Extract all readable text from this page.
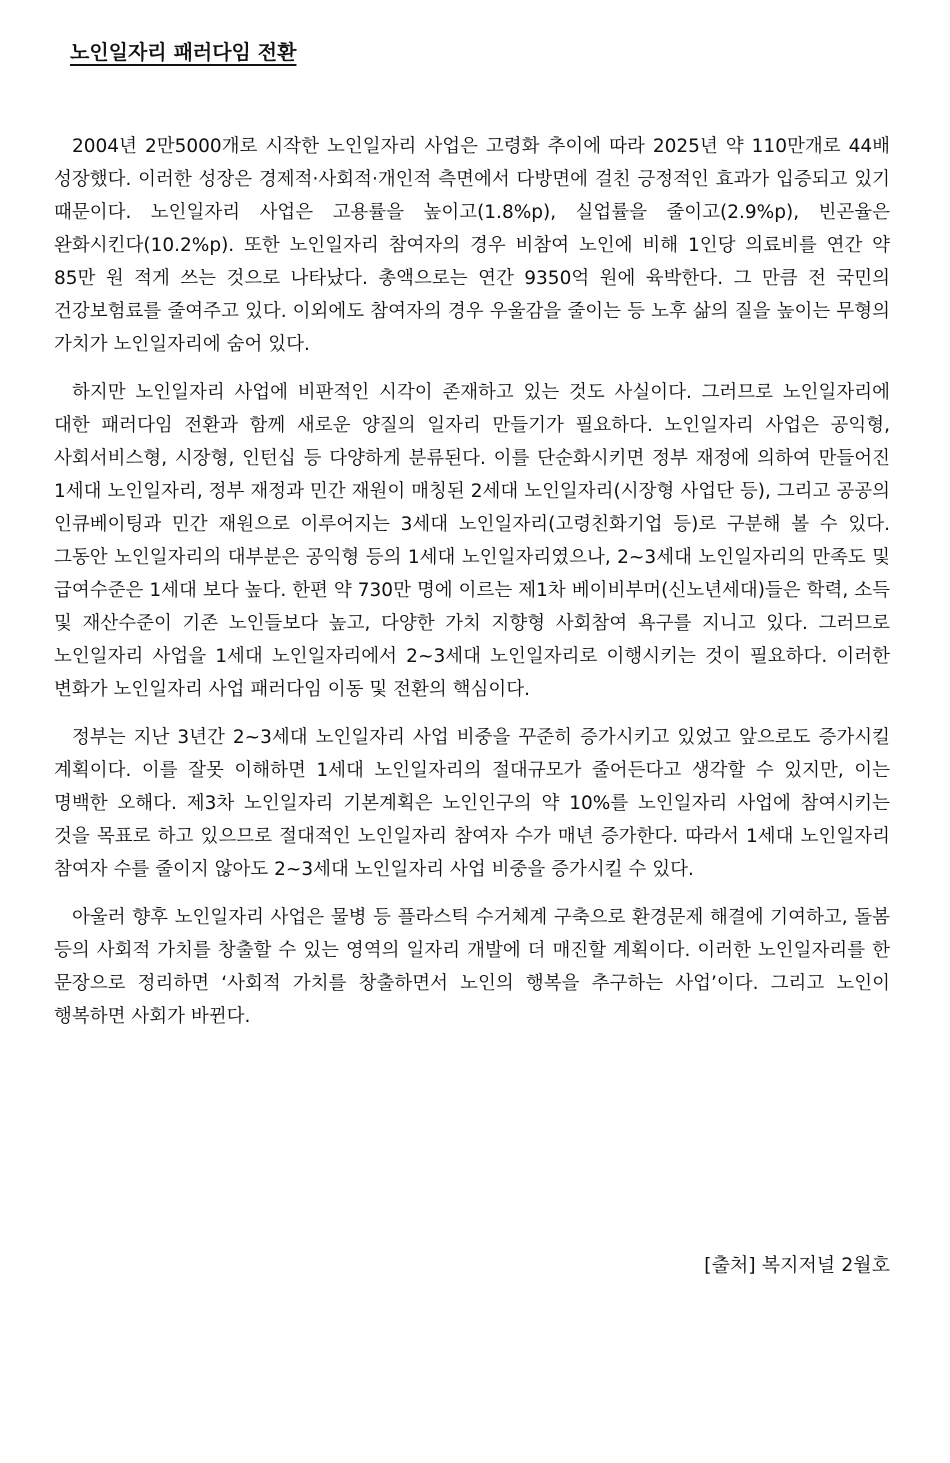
노인일자리 패러다임 전환

2004년 2만5000개로 시작한 노인일자리 사업은 고령화 추이에 따라 2025년 약 110만개로 44배 성장했다. 이러한 성장은 경제적·사회적·개인적 측면에서 다방면에 걸친 긍정적인 효과가 입증되고 있기 때문이다. 노인일자리 사업은 고용률을 높이고(1.8%p), 실업률을 줄이고(2.9%p), 빈곤율은 완화시킨다(10.2%p). 또한 노인일자리 참여자의 경우 비참여 노인에 비해 1인당 의료비를 연간 약 85만 원 적게 쓰는 것으로 나타났다. 총액으로는 연간 9350억 원에 육박한다. 그 만큼 전 국민의 건강보험료를 줄여주고 있다. 이외에도 참여자의 경우 우울감을 줄이는 등 노후 삶의 질을 높이는 무형의 가치가 노인일자리에 숨어 있다.

하지만 노인일자리 사업에 비판적인 시각이 존재하고 있는 것도 사실이다. 그러므로 노인일자리에 대한 패러다임 전환과 함께 새로운 양질의 일자리 만들기가 필요하다. 노인일자리 사업은 공익형, 사회서비스형, 시장형, 인턴십 등 다양하게 분류된다. 이를 단순화시키면 정부 재정에 의하여 만들어진 1세대 노인일자리, 정부 재정과 민간 재원이 매칭된 2세대 노인일자리(시장형 사업단 등), 그리고 공공의 인큐베이팅과 민간 재원으로 이루어지는 3세대 노인일자리(고령친화기업 등)로 구분해 볼 수 있다. 그동안 노인일자리의 대부분은 공익형 등의 1세대 노인일자리였으나, 2~3세대 노인일자리의 만족도 및 급여수준은 1세대 보다 높다. 한편 약 730만 명에 이르는 제1차 베이비부머(신노년세대)들은 학력, 소득 및 재산수준이 기존 노인들보다 높고, 다양한 가치 지향형 사회참여 욕구를 지니고 있다. 그러므로 노인일자리 사업을 1세대 노인일자리에서 2~3세대 노인일자리로 이행시키는 것이 필요하다. 이러한 변화가 노인일자리 사업 패러다임 이동 및 전환의 핵심이다.

정부는 지난 3년간 2~3세대 노인일자리 사업 비중을 꾸준히 증가시키고 있었고 앞으로도 증가시킬 계획이다. 이를 잘못 이해하면 1세대 노인일자리의 절대규모가 줄어든다고 생각할 수 있지만, 이는 명백한 오해다. 제3차 노인일자리 기본계획은 노인인구의 약 10%를 노인일자리 사업에 참여시키는 것을 목표로 하고 있으므로 절대적인 노인일자리 참여자 수가 매년 증가한다. 따라서 1세대 노인일자리 참여자 수를 줄이지 않아도 2~3세대 노인일자리 사업 비중을 증가시킬 수 있다.

아울러 향후 노인일자리 사업은 물병 등 플라스틱 수거체계 구축으로 환경문제 해결에 기여하고, 돌봄 등의 사회적 가치를 창출할 수 있는 영역의 일자리 개발에 더 매진할 계획이다. 이러한 노인일자리를 한 문장으로 정리하면 ‘사회적 가치를 창출하면서 노인의 행복을 추구하는 사업’이다. 그리고 노인이 행복하면 사회가 바뀐다.

[출처] 복지저널 2월호
